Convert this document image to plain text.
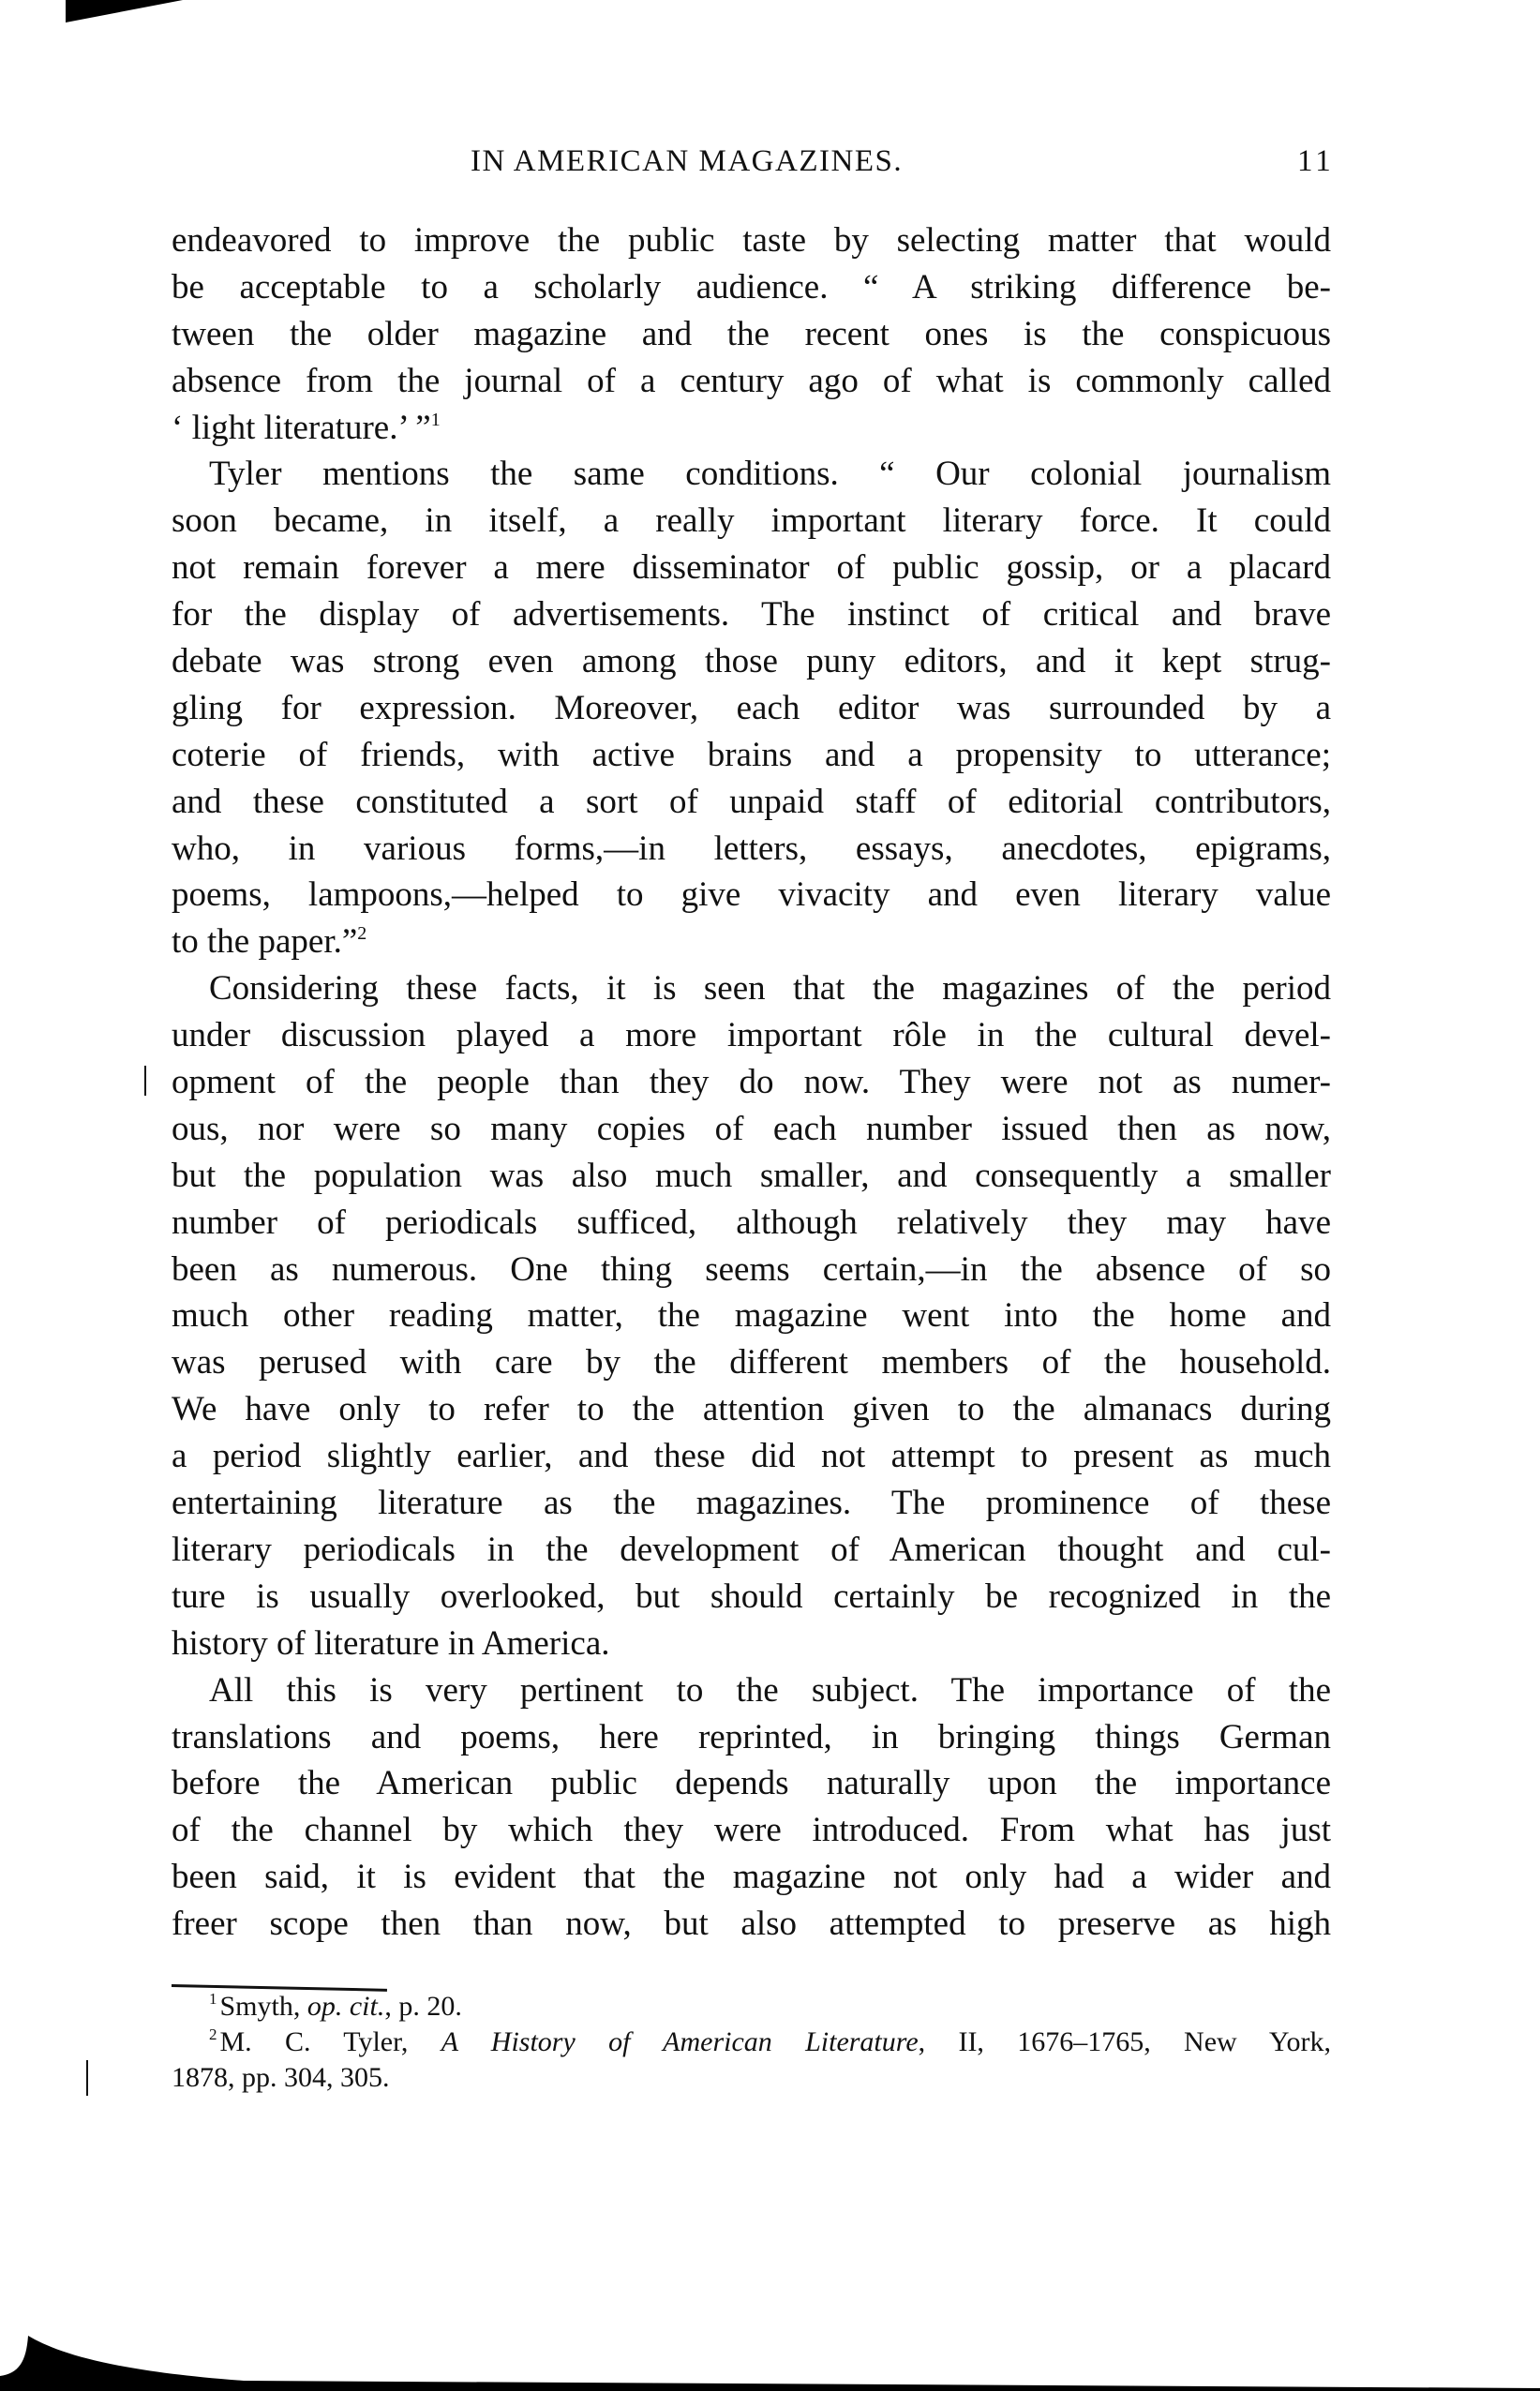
IN AMERICAN MAGAZINES.	11
endeavored to improve the public taste by selecting matter that would
be acceptable to a scholarly audience. “ A striking difference be-
tween the older magazine and the recent ones is the conspicuous
absence from the journal of a century ago of what is commonly called
‘ light literature.’ ”$^1$
Tyler mentions the same conditions. “ Our colonial journalism
soon became, in itself, a really important literary force. It could
not remain forever a mere disseminator of public gossip, or a placard
for the display of advertisements. The instinct of critical and brave
debate was strong even among those puny editors, and it kept strug-
gling for expression. Moreover, each editor was surrounded by a
coterie of friends, with active brains and a propensity to utterance;
and these constituted a sort of unpaid staff of editorial contributors,
who, in various forms,—in letters, essays, anecdotes, epigrams,
poems, lampoons,—helped to give vivacity and even literary value
to the paper.”$^2$
Considering these facts, it is seen that the magazines of the period
under discussion played a more important rôle in the cultural devel-
opment of the people than they do now. They were not as numer-
ous, nor were so many copies of each number issued then as now,
but the population was also much smaller, and consequently a smaller
number of periodicals sufficed, although relatively they may have
been as numerous. One thing seems certain,—in the absence of so
much other reading matter, the magazine went into the home and
was perused with care by the different members of the household.
We have only to refer to the attention given to the almanacs during
a period slightly earlier, and these did not attempt to present as much
entertaining literature as the magazines. The prominence of these
literary periodicals in the development of American thought and cul-
ture is usually overlooked, but should certainly be recognized in the
history of literature in America.
All this is very pertinent to the subject. The importance of the
translations and poems, here reprinted, in bringing things German
before the American public depends naturally upon the importance
of the channel by which they were introduced. From what has just
been said, it is evident that the magazine not only had a wider and
freer scope then than now, but also attempted to preserve as high
$^1$ Smyth, op. cit., p. 20.
$^2$ M. C. Tyler, A History of American Literature, II, 1676–1765, New York,
1878, pp. 304, 305.
